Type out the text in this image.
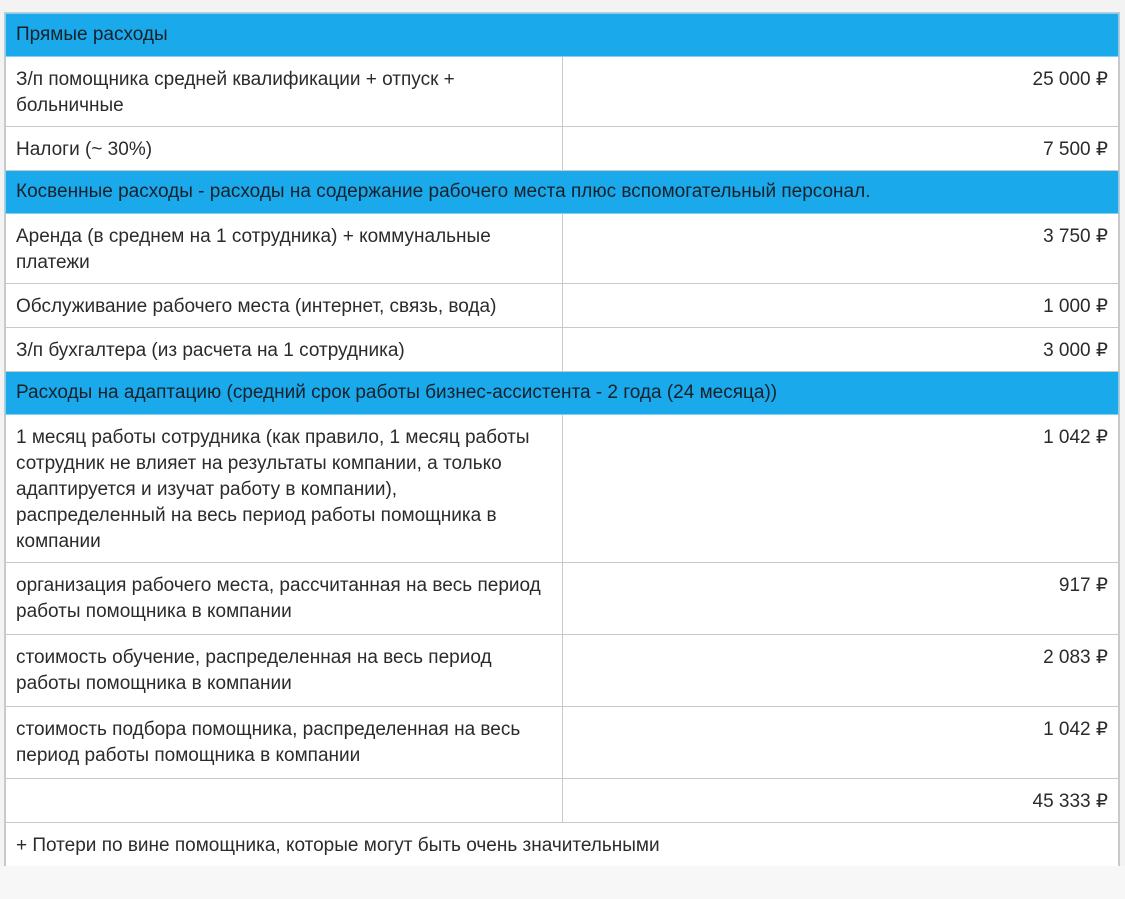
Прямые расходы	
З/п помощника средней квалификации + отпуск + больничные	25 000 ₽
Налоги (~ 30%)	7 500 ₽
Косвенные расходы - расходы на содержание рабочего места плюс вспомогательный персонал.	
Аренда (в среднем на 1 сотрудника) + коммунальные платежи	3 750 ₽
Обслуживание рабочего места (интернет, связь, вода)	1 000 ₽
З/п бухгалтера (из расчета на 1 сотрудника)	3 000 ₽
Расходы на адаптацию (средний срок работы бизнес-ассистента - 2 года (24 месяца))	
1 месяц работы сотрудника (как правило, 1 месяц работы сотрудник не влияет на результаты компании, а только адаптируется и изучат работу в компании), распределенный на весь период работы помощника в компании	1 042 ₽
организация рабочего места, рассчитанная на весь период работы помощника в компании	917 ₽
стоимость обучение, распределенная на весь период работы помощника в компании	2 083 ₽
стоимость подбора помощника, распределенная на весь период работы помощника в компании	1 042 ₽
	45 333 ₽
+ Потери по вине помощника, которые могут быть очень значительными	
